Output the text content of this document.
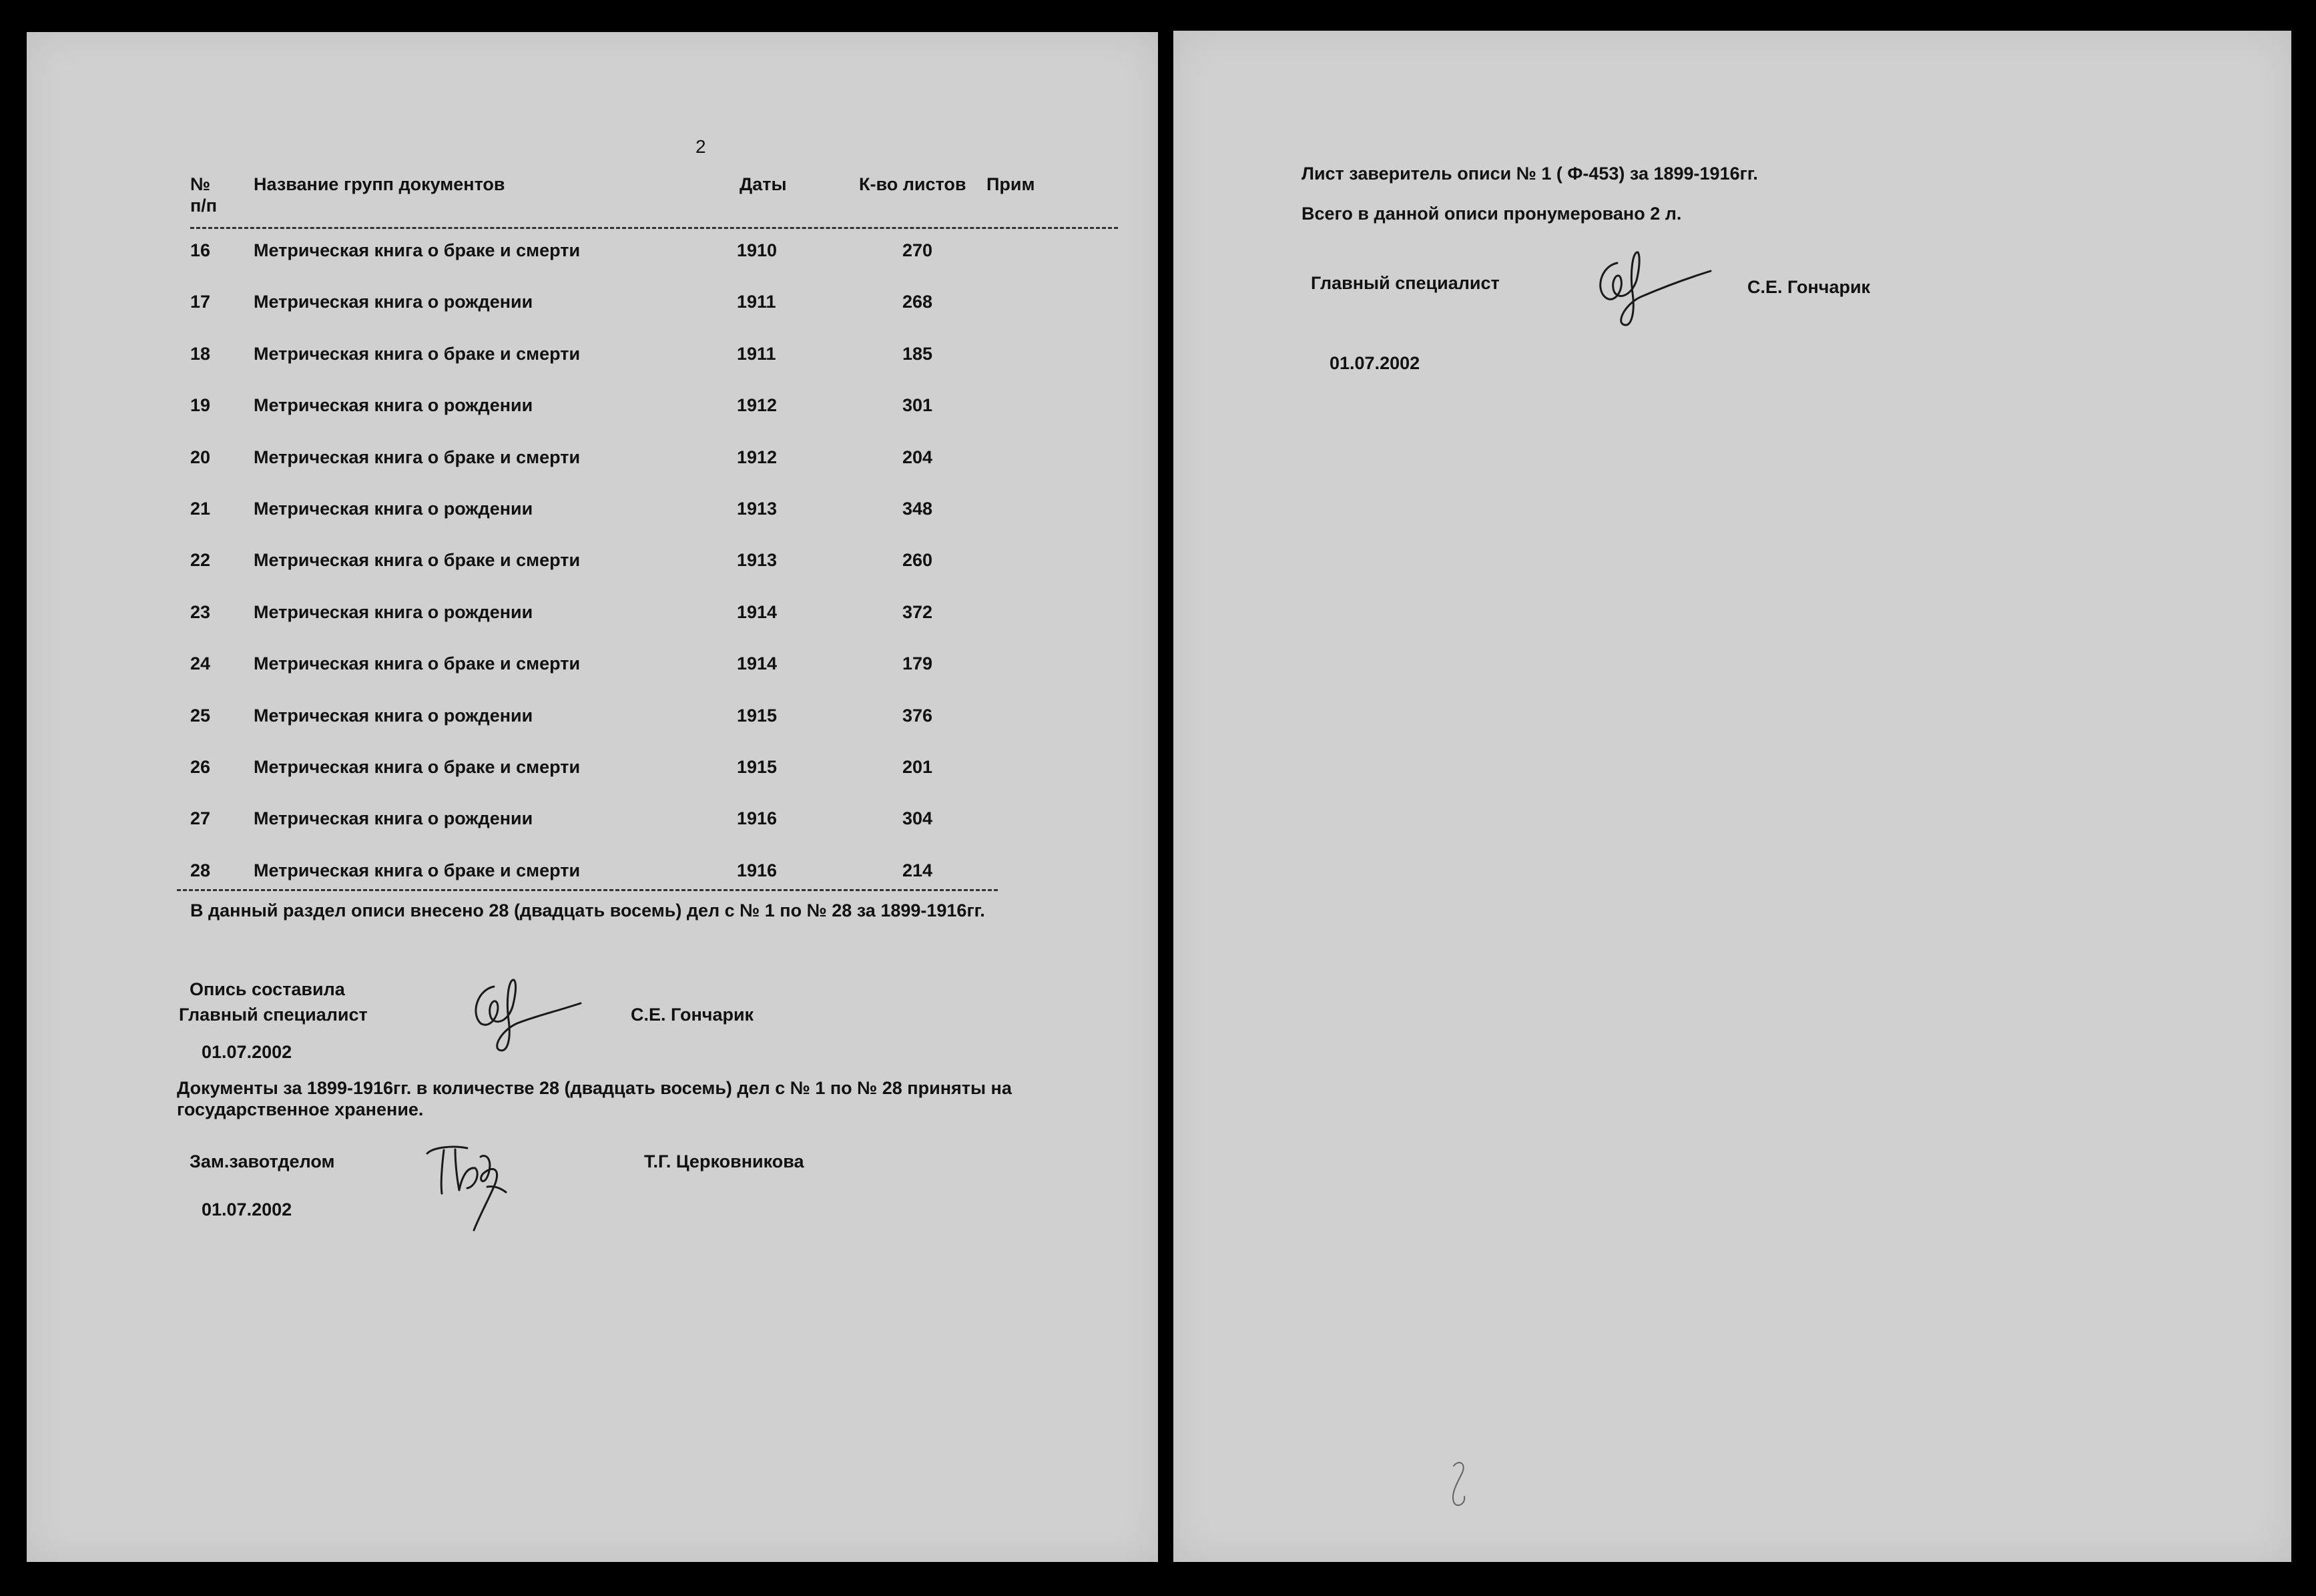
2
№
п/п
Название групп документов	Даты	К-во листов Прим
16 Метрическая книга о браке и смерти	1910	270
17 Метрическая книга о рождении	1911	268
18 Метрическая книга о браке и смерти	1911	185
19 Метрическая книга о рождении	1912	301
20 Метрическая книга о браке и смерти	1912	204
21 Метрическая книга о рождении	1913	348
22 Метрическая книга о браке и смерти	1913	260
23 Метрическая книга о рождении	1914	372
24 Метрическая книга о браке и смерти	1914	179
25 Метрическая книга о рождении	1915	376
26 Метрическая книга о браке и смерти	1915	201
27 Метрическая книга о рождении	1916	304
28 Метрическая книга о браке и смерти	1916	214
В данный раздел описи внесено 28 (двадцать восемь) дел с № 1 по № 28 за 1899-1916гг.
Опись составила
Главный специалист	С.Е. Гончарик
01.07.2002
Документы за 1899-1916гг. в количестве 28 (двадцать восемь) дел с № 1 по № 28 приняты на
государственное хранение.
Зам.завотделом	Т.Г. Церковникова
01.07.2002
Лист заверитель описи № 1 ( Ф-453) за 1899-1916гг.
Всего в данной описи пронумеровано 2 л.
Главный специалист	С.Е. Гончарик
01.07.2002
